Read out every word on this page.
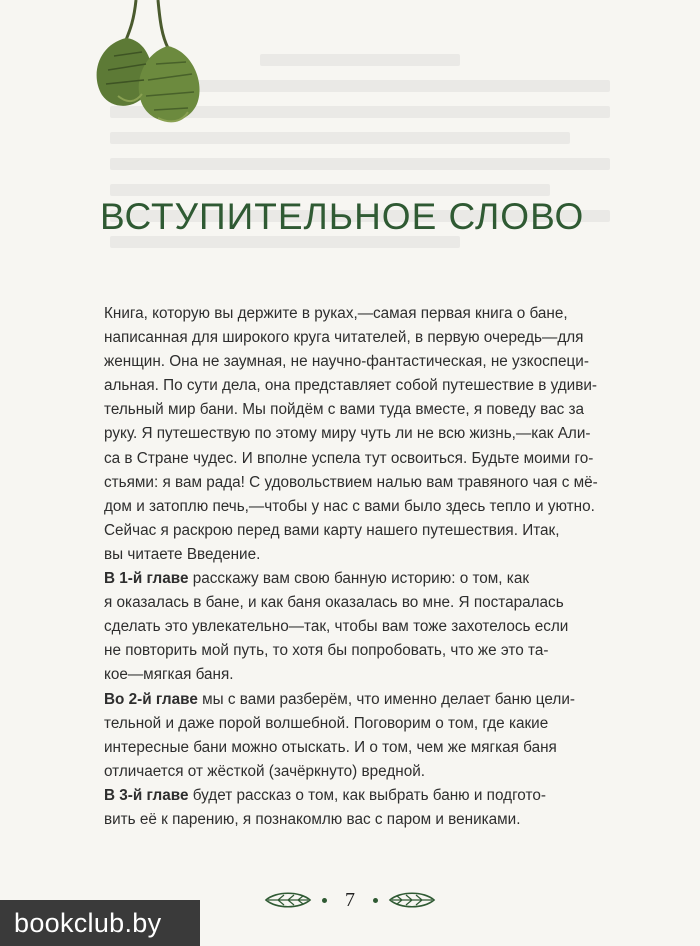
ВСТУПИТЕЛЬНОЕ СЛОВО

Книга, которую вы держите в руках,—самая первая книга о бане,
написанная для широкого круга читателей, в первую очередь—для
женщин. Она не заумная, не научно-фантастическая, не узкоспеци-
альная. По сути дела, она представляет собой путешествие в удиви-
тельный мир бани. Мы пойдём с вами туда вместе, я поведу вас за
руку. Я путешествую по этому миру чуть ли не всю жизнь,—как Али-
са в Стране чудес. И вполне успела тут освоиться. Будьте моими го-
стьями: я вам рада! С удовольствием налью вам травяного чая с мё-
дом и затоплю печь,—чтобы у нас с вами было здесь тепло и уютно.
Сейчас я раскрою перед вами карту нашего путешествия. Итак,
вы читаете Введение.

В 1-й главе расскажу вам свою банную историю: о том, как
я оказалась в бане, и как баня оказалась во мне. Я постаралась
сделать это увлекательно—так, чтобы вам тоже захотелось если
не повторить мой путь, то хотя бы попробовать, что же это та-
кое—мягкая баня.

Во 2-й главе мы с вами разберём, что именно делает баню цели-
тельной и даже порой волшебной. Поговорим о том, где какие
интересные бани можно отыскать. И о том, чем же мягкая баня
отличается от жёсткой (зачёркнуто) вредной.

В 3-й главе будет рассказ о том, как выбрать баню и подгото-
вить её к парению, я познакомлю вас с паром и вениками.

7
bookclub.by
